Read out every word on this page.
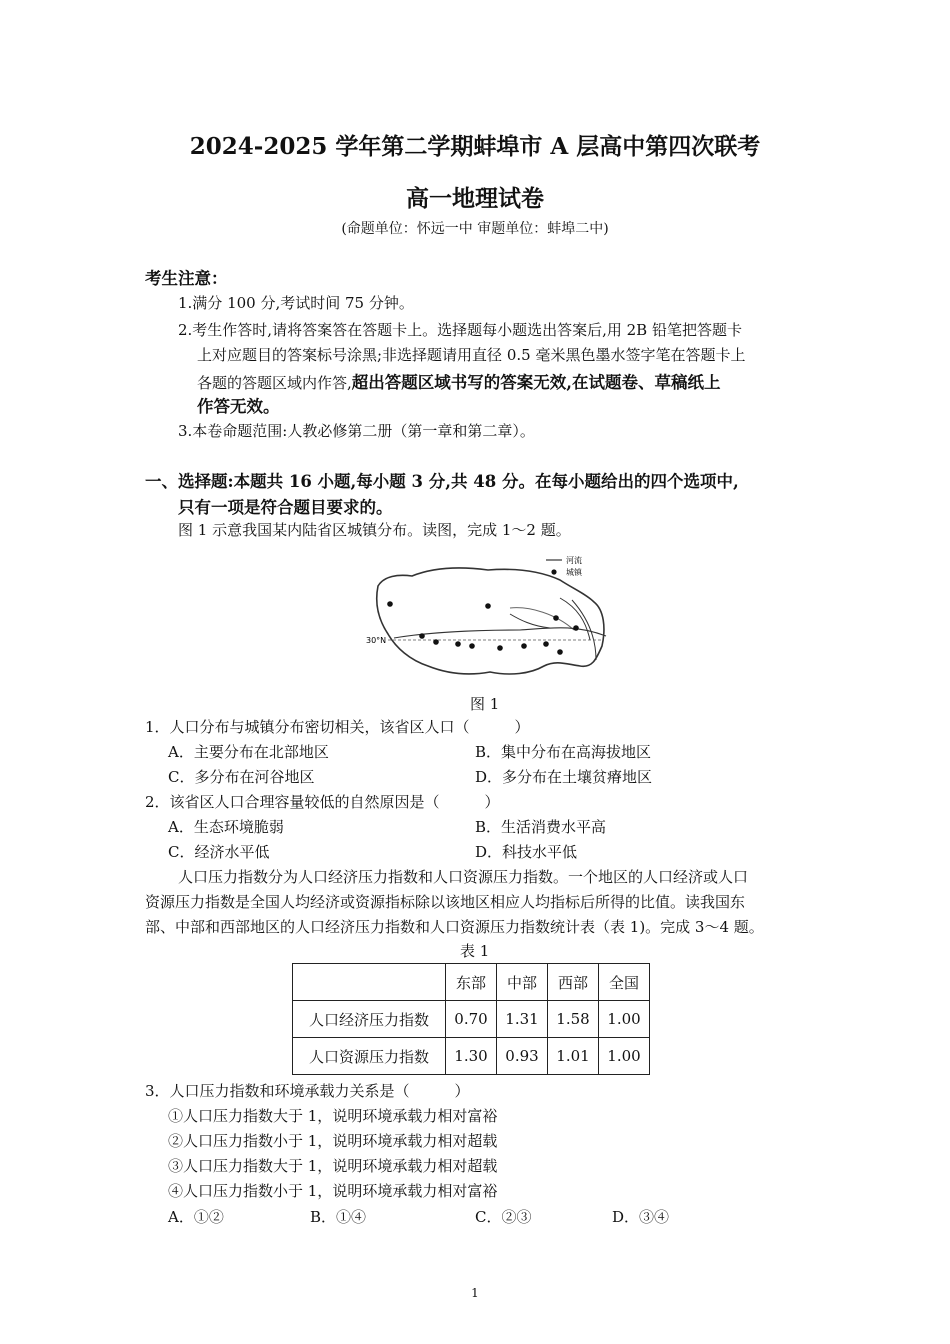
2024-2025 学年第二学期蚌埠市 A 层高中第四次联考
高一地理试卷
(命题单位：怀远一中 审题单位：蚌埠二中)
考生注意：
1.满分 100 分,考试时间 75 分钟。
2.考生作答时,请将答案答在答题卡上。选择题每小题选出答案后,用 2B 铅笔把答题卡
上对应题目的答案标号涂黑;非选择题请用直径 0.5 毫米黑色墨水签字笔在答题卡上
各题的答题区域内作答,超出答题区域书写的答案无效,在试题卷、草稿纸上
作答无效。
3.本卷命题范围:人教必修第二册（第一章和第二章）。
一、选择题:本题共 16 小题,每小题 3 分,共 48 分。在每小题给出的四个选项中,
只有一项是符合题目要求的。
图 1 示意我国某内陆省区城镇分布。读图，完成 1～2 题。
30°N
河流
城镇
图 1
1．人口分布与城镇分布密切相关，该省区人口（　　　）
A．主要分布在北部地区	B．集中分布在高海拔地区
C．多分布在河谷地区	D．多分布在土壤贫瘠地区
2．该省区人口合理容量较低的自然原因是（　　　）
A．生态环境脆弱	B．生活消费水平高
C．经济水平低	D．科技水平低
人口压力指数分为人口经济压力指数和人口资源压力指数。一个地区的人口经济或人口
资源压力指数是全国人均经济或资源指标除以该地区相应人均指标后所得的比值。读我国东
部、中部和西部地区的人口经济压力指数和人口资源压力指数统计表（表 1)。完成 3～4 题。
表 1
	东部	中部	西部	全国
人口经济压力指数	0.70	1.31	1.58	1.00
人口资源压力指数	1.30	0.93	1.01	1.00
3．人口压力指数和环境承载力关系是（　　　）
①人口压力指数大于 1，说明环境承载力相对富裕
②人口压力指数小于 1，说明环境承载力相对超载
③人口压力指数大于 1，说明环境承载力相对超载
④人口压力指数小于 1，说明环境承载力相对富裕
A．①②	B．①④	C．②③	D．③④
1
